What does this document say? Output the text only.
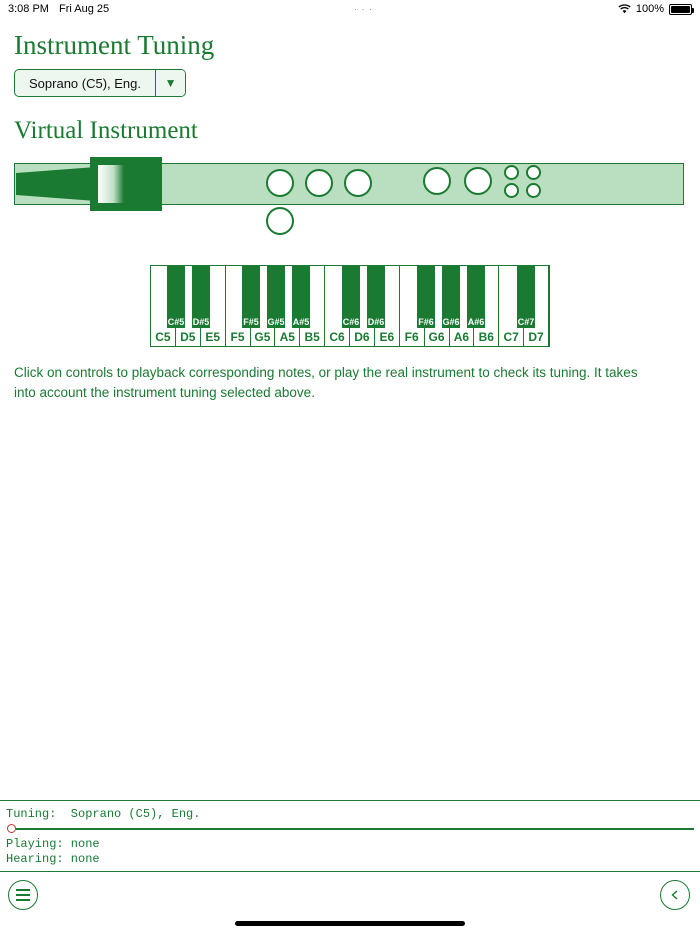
3:08 PM Fri Aug 25	· · ·	100%
Instrument Tuning
Soprano (C5), Eng.	▼
Virtual Instrument
C5 D5 E5 F5 G5 A5 B5 C6 D6 E6 F6 G6 A6 B6 C7 D7
C#5 D#5	F#5 G#5 A#5	C#6 D#6	F#6 G#6 A#6	C#7

Click on controls to playback corresponding notes, or play the real instrument to check its tuning. It takes into account the instrument tuning selected above.

Tuning:  Soprano (C5), Eng.
Playing: none
Hearing: none
